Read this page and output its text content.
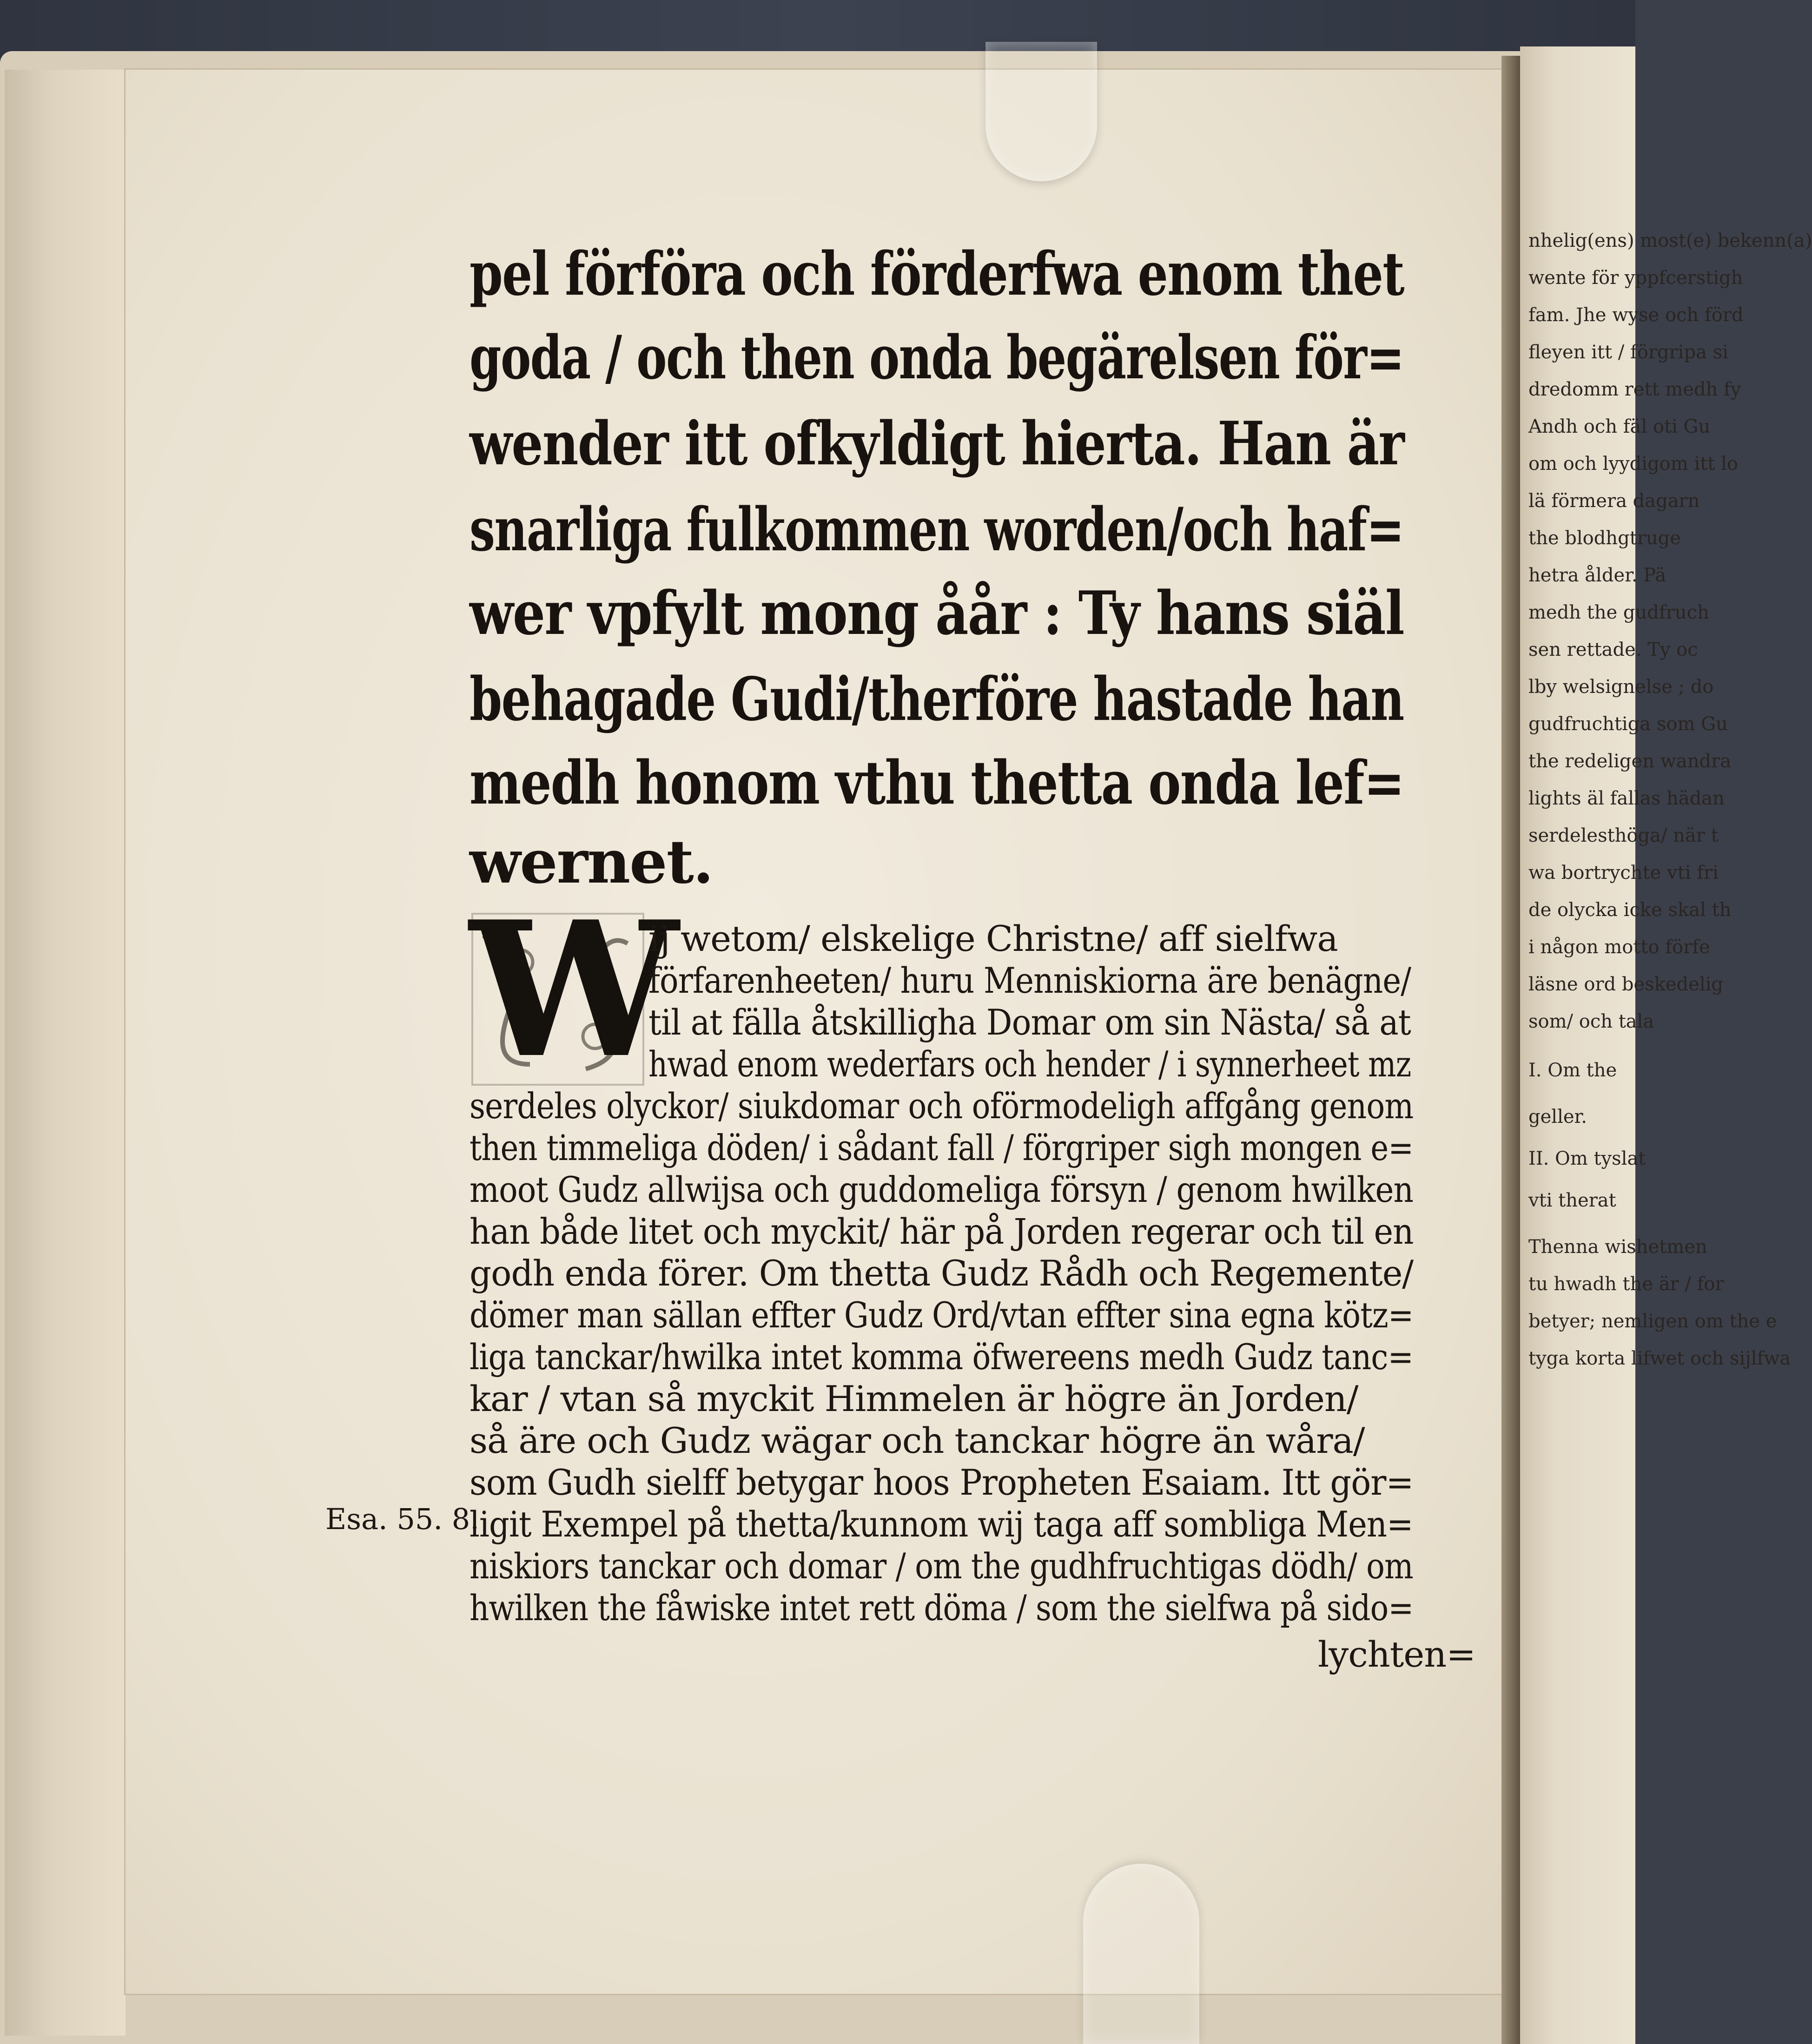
nhelig(ens) most(e) bekenn(a)
wente för yppfcerstigh
fam. Jhe wyse och förd
fleyen itt / förgripa si
dredomm rett medh fy
Andh och fäl oti Gu
om och lyydigom itt lo
lä förmera dagarn
the blodhgtruge
hetra ålder. Pä
medh the gudfruch
sen rettade. Ty oc
lby welsignelse ; do
gudfruchtiga som Gu
the redeligen wandra
lights äl fallas hädan
serdelesthöga/ när t
wa bortrychte vti fri
de olycka icke skal th
i någon motto förfe
läsne ord beskedelig
som/ och tala
I. Om the
geller.
II. Om tyslat
vti therat
Thenna wishetmen
tu hwadh the är / for
betyer; nemligen om the e
tyga korta lifwet och sijlfwa
pel förföra och förderfwa enom thet
goda / och then onda begärelsen för=
wender itt ofkyldigt hierta. Han är
snarliga fulkommen worden/och haf=
wer vpfylt mong åår : Ty hans siäl
behagade Gudi/therföre hastade han
medh honom vthu thetta onda lef=
wernet.
W
ij wetom/ elskelige Christne/ aff sielfwa
förfarenheeten/ huru Menniskiorna äre benägne/
til at fälla åtskillighа Domar om sin Nästa/ så at
hwad enom wederfars och hender / i synnerheet mz
serdeles olyckor/ siukdomar och oförmodeligh affgång genom
then timmeliga döden/ i sådant fall / förgriper sigh mongen e=
moot Gudz allwijsa och guddomeliga försyn / genom hwilken
han både litet och myckit/ här på Jorden regerar och til en
godh enda förer. Om thetta Gudz Rådh och Regemente/
dömer man sällan effter Gudz Ord/vtan effter sina egna kötz=
liga tanckar/hwilka intet komma öfwereens medh Gudz tanc=
kar / vtan så myckit Himmelen är högre än Jorden/
så äre och Gudz wägar och tanckar högre än wåra/
som Gudh sielff betygar hoos Propheten Esaiam. Itt gör=
ligit Exempel på thetta/kunnom wij taga aff sombliga Men=
niskiors tanckar och domar / om the gudhfruchtigas dödh/ om
hwilken the fåwiske intet rett döma / som the sielfwa på sido=
Esa. 55. 8.
lychten=
